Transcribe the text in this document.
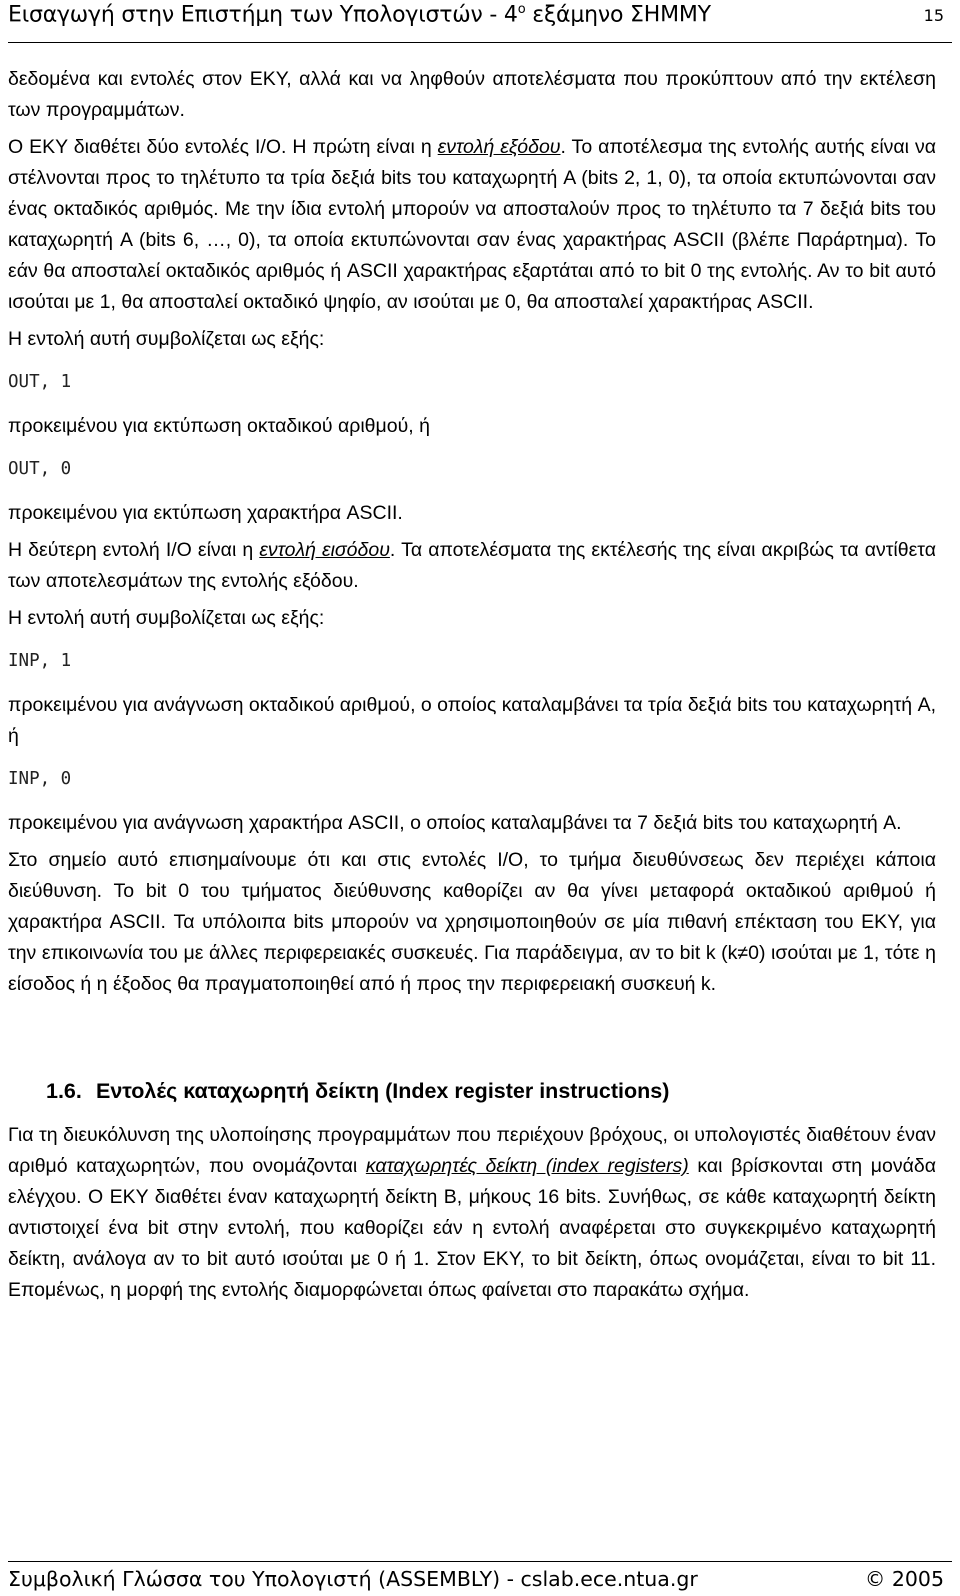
Εισαγωγή στην Επιστήμη των Υπολογιστών - $4^o$ εξάμηνο ΣΗΜΜΥ	15

δεδομένα και εντολές στον ΕΚΥ, αλλά και να ληφθούν αποτελέσματα που προκύπτουν από την εκτέλεση των προγραμμάτων.

Ο ΕΚΥ διαθέτει δύο εντολές I/O. Η πρώτη είναι η εντολή εξόδου. Το αποτέλεσμα της εντολής αυτής είναι να στέλνονται προς το τηλέτυπο τα τρία δεξιά bits του καταχωρητή A (bits 2, 1, 0), τα οποία εκτυπώνονται σαν ένας οκταδικός αριθμός. Με την ίδια εντολή μπορούν να αποσταλούν προς το τηλέτυπο τα 7 δεξιά bits του καταχωρητή A (bits 6, …, 0), τα οποία εκτυπώνονται σαν ένας χαρακτήρας ASCII (βλέπε Παράρτημα). Το εάν θα αποσταλεί οκταδικός αριθμός ή ASCII χαρακτήρας εξαρτάται από το bit 0 της εντολής. Αν το bit αυτό ισούται με 1, θα αποσταλεί οκταδικό ψηφίο, αν ισούται με 0, θα αποσταλεί χαρακτήρας ASCII.

Η εντολή αυτή συμβολίζεται ως εξής:

OUT, 1

προκειμένου για εκτύπωση οκταδικού αριθμού, ή

OUT, 0

προκειμένου για εκτύπωση χαρακτήρα ASCII.

Η δεύτερη εντολή I/O είναι η εντολή εισόδου. Τα αποτελέσματα της εκτέλεσής της είναι ακριβώς τα αντίθετα των αποτελεσμάτων της εντολής εξόδου.

Η εντολή αυτή συμβολίζεται ως εξής:

INP, 1

προκειμένου για ανάγνωση οκταδικού αριθμού, ο οποίος καταλαμβάνει τα τρία δεξιά bits του καταχωρητή A, ή

INP, 0

προκειμένου για ανάγνωση χαρακτήρα ASCII, ο οποίος καταλαμβάνει τα 7 δεξιά bits του καταχωρητή A.

Στο σημείο αυτό επισημαίνουμε ότι και στις εντολές I/O, το τμήμα διευθύνσεως δεν περιέχει κάποια διεύθυνση. Το bit 0 του τμήματος διεύθυνσης καθορίζει αν θα γίνει μεταφορά οκταδικού αριθμού ή χαρακτήρα ASCII. Τα υπόλοιπα bits μπορούν να χρησιμοποιηθούν σε μία πιθανή επέκταση του ΕΚΥ, για την επικοινωνία του με άλλες περιφερειακές συσκευές. Για παράδειγμα, αν το bit k (k≠0) ισούται με 1, τότε η είσοδος ή η έξοδος θα πραγματοποιηθεί από ή προς την περιφερειακή συσκευή k.

1.6. Εντολές καταχωρητή δείκτη (Index register instructions)

Για τη διευκόλυνση της υλοποίησης προγραμμάτων που περιέχουν βρόχους, οι υπολογιστές διαθέτουν έναν αριθμό καταχωρητών, που ονομάζονται καταχωρητές δείκτη (index registers) και βρίσκονται στη μονάδα ελέγχου. Ο ΕΚΥ διαθέτει έναν καταχωρητή δείκτη B, μήκους 16 bits. Συνήθως, σε κάθε καταχωρητή δείκτη αντιστοιχεί ένα bit στην εντολή, που καθορίζει εάν η εντολή αναφέρεται στο συγκεκριμένο καταχωρητή δείκτη, ανάλογα αν το bit αυτό ισούται με 0 ή 1. Στον ΕΚΥ, το bit δείκτη, όπως ονομάζεται, είναι το bit 11. Επομένως, η μορφή της εντολής διαμορφώνεται όπως φαίνεται στο παρακάτω σχήμα.

Συμβολική Γλώσσα του Υπολογιστή (ASSEMBLY) - cslab.ece.ntua.gr	© 2005
